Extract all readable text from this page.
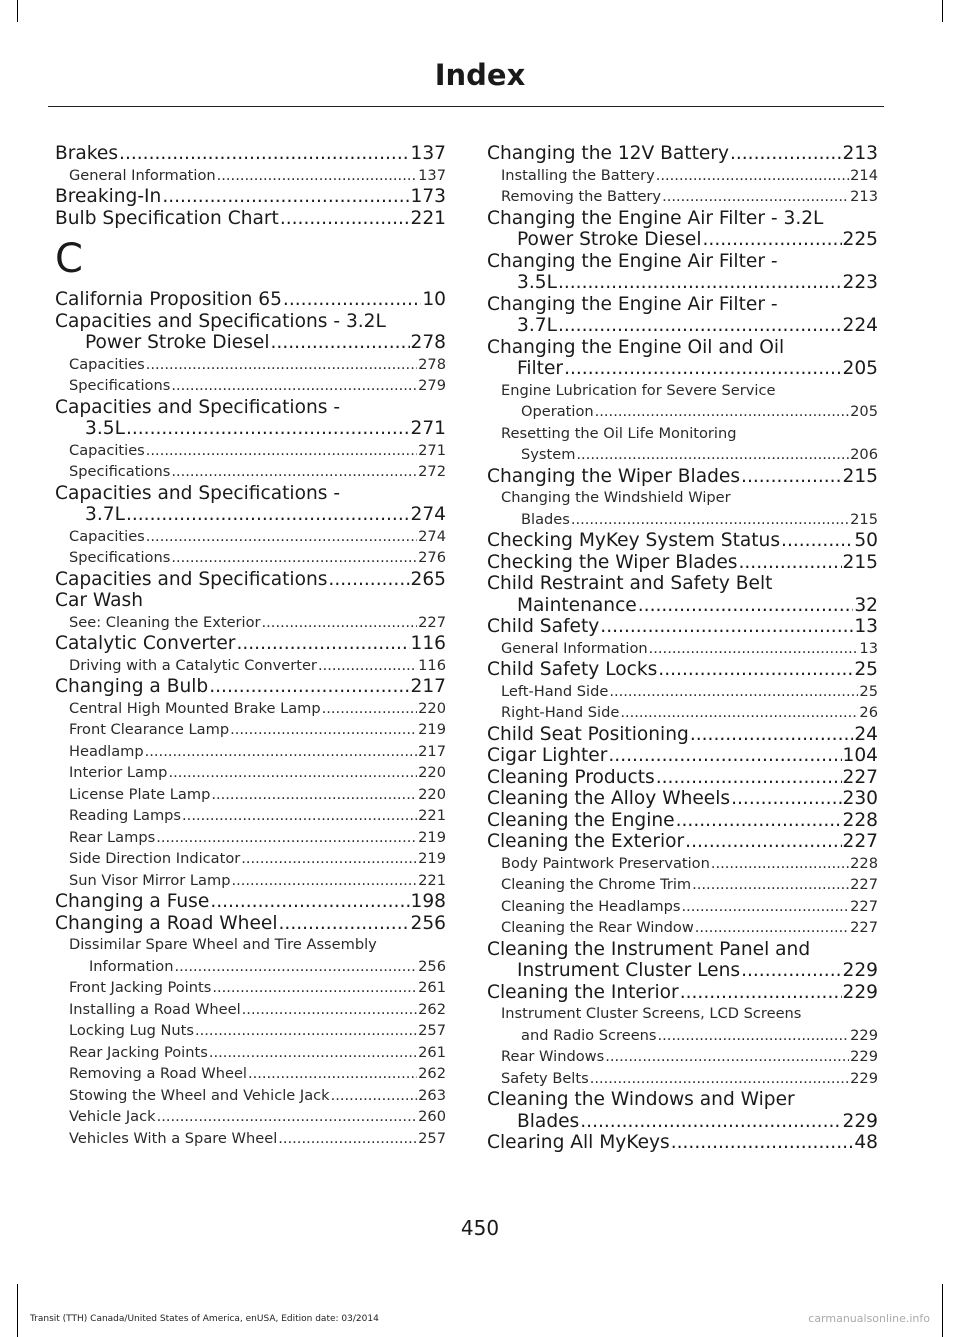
Index
Brakes .....	137
General Information .....	137
Breaking-In .....	173
Bulb Specification Chart .....	221
C
California Proposition 65 .....	10
Capacities and Specifications - 3.2L
Power Stroke Diesel .....	278
Capacities .....	278
Specifications .....	279
Capacities and Specifications -
3.5L .....	271
Capacities .....	271
Specifications .....	272
Capacities and Specifications -
3.7L .....	274
Capacities .....	274
Specifications .....	276
Capacities and Specifications .....	265
Car Wash
See: Cleaning the Exterior .....	227
Catalytic Converter .....	116
Driving with a Catalytic Converter .....	116
Changing a Bulb .....	217
Central High Mounted Brake Lamp .....	220
Front Clearance Lamp .....	219
Headlamp .....	217
Interior Lamp .....	220
License Plate Lamp .....	220
Reading Lamps .....	221
Rear Lamps .....	219
Side Direction Indicator .....	219
Sun Visor Mirror Lamp .....	221
Changing a Fuse .....	198
Changing a Road Wheel .....	256
Dissimilar Spare Wheel and Tire Assembly
Information .....	256
Front Jacking Points .....	261
Installing a Road Wheel .....	262
Locking Lug Nuts .....	257
Rear Jacking Points .....	261
Removing a Road Wheel .....	262
Stowing the Wheel and Vehicle Jack .....	263
Vehicle Jack .....	260
Vehicles With a Spare Wheel .....	257
Changing the 12V Battery .....	213
Installing the Battery .....	214
Removing the Battery .....	213
Changing the Engine Air Filter - 3.2L
Power Stroke Diesel .....	225
Changing the Engine Air Filter -
3.5L .....	223
Changing the Engine Air Filter -
3.7L .....	224
Changing the Engine Oil and Oil
Filter .....	205
Engine Lubrication for Severe Service
Operation .....	205
Resetting the Oil Life Monitoring
System .....	206
Changing the Wiper Blades .....	215
Changing the Windshield Wiper
Blades .....	215
Checking MyKey System Status .....	50
Checking the Wiper Blades .....	215
Child Restraint and Safety Belt
Maintenance .....	32
Child Safety .....	13
General Information .....	13
Child Safety Locks .....	25
Left-Hand Side .....	25
Right-Hand Side .....	26
Child Seat Positioning .....	24
Cigar Lighter .....	104
Cleaning Products .....	227
Cleaning the Alloy Wheels .....	230
Cleaning the Engine .....	228
Cleaning the Exterior .....	227
Body Paintwork Preservation .....	228
Cleaning the Chrome Trim .....	227
Cleaning the Headlamps .....	227
Cleaning the Rear Window .....	227
Cleaning the Instrument Panel and
Instrument Cluster Lens .....	229
Cleaning the Interior .....	229
Instrument Cluster Screens, LCD Screens
and Radio Screens .....	229
Rear Windows .....	229
Safety Belts .....	229
Cleaning the Windows and Wiper
Blades .....	229
Clearing All MyKeys .....	48
450
Transit (TTH) Canada/United States of America, enUSA, Edition date: 03/2014	carmanualsonline.info
